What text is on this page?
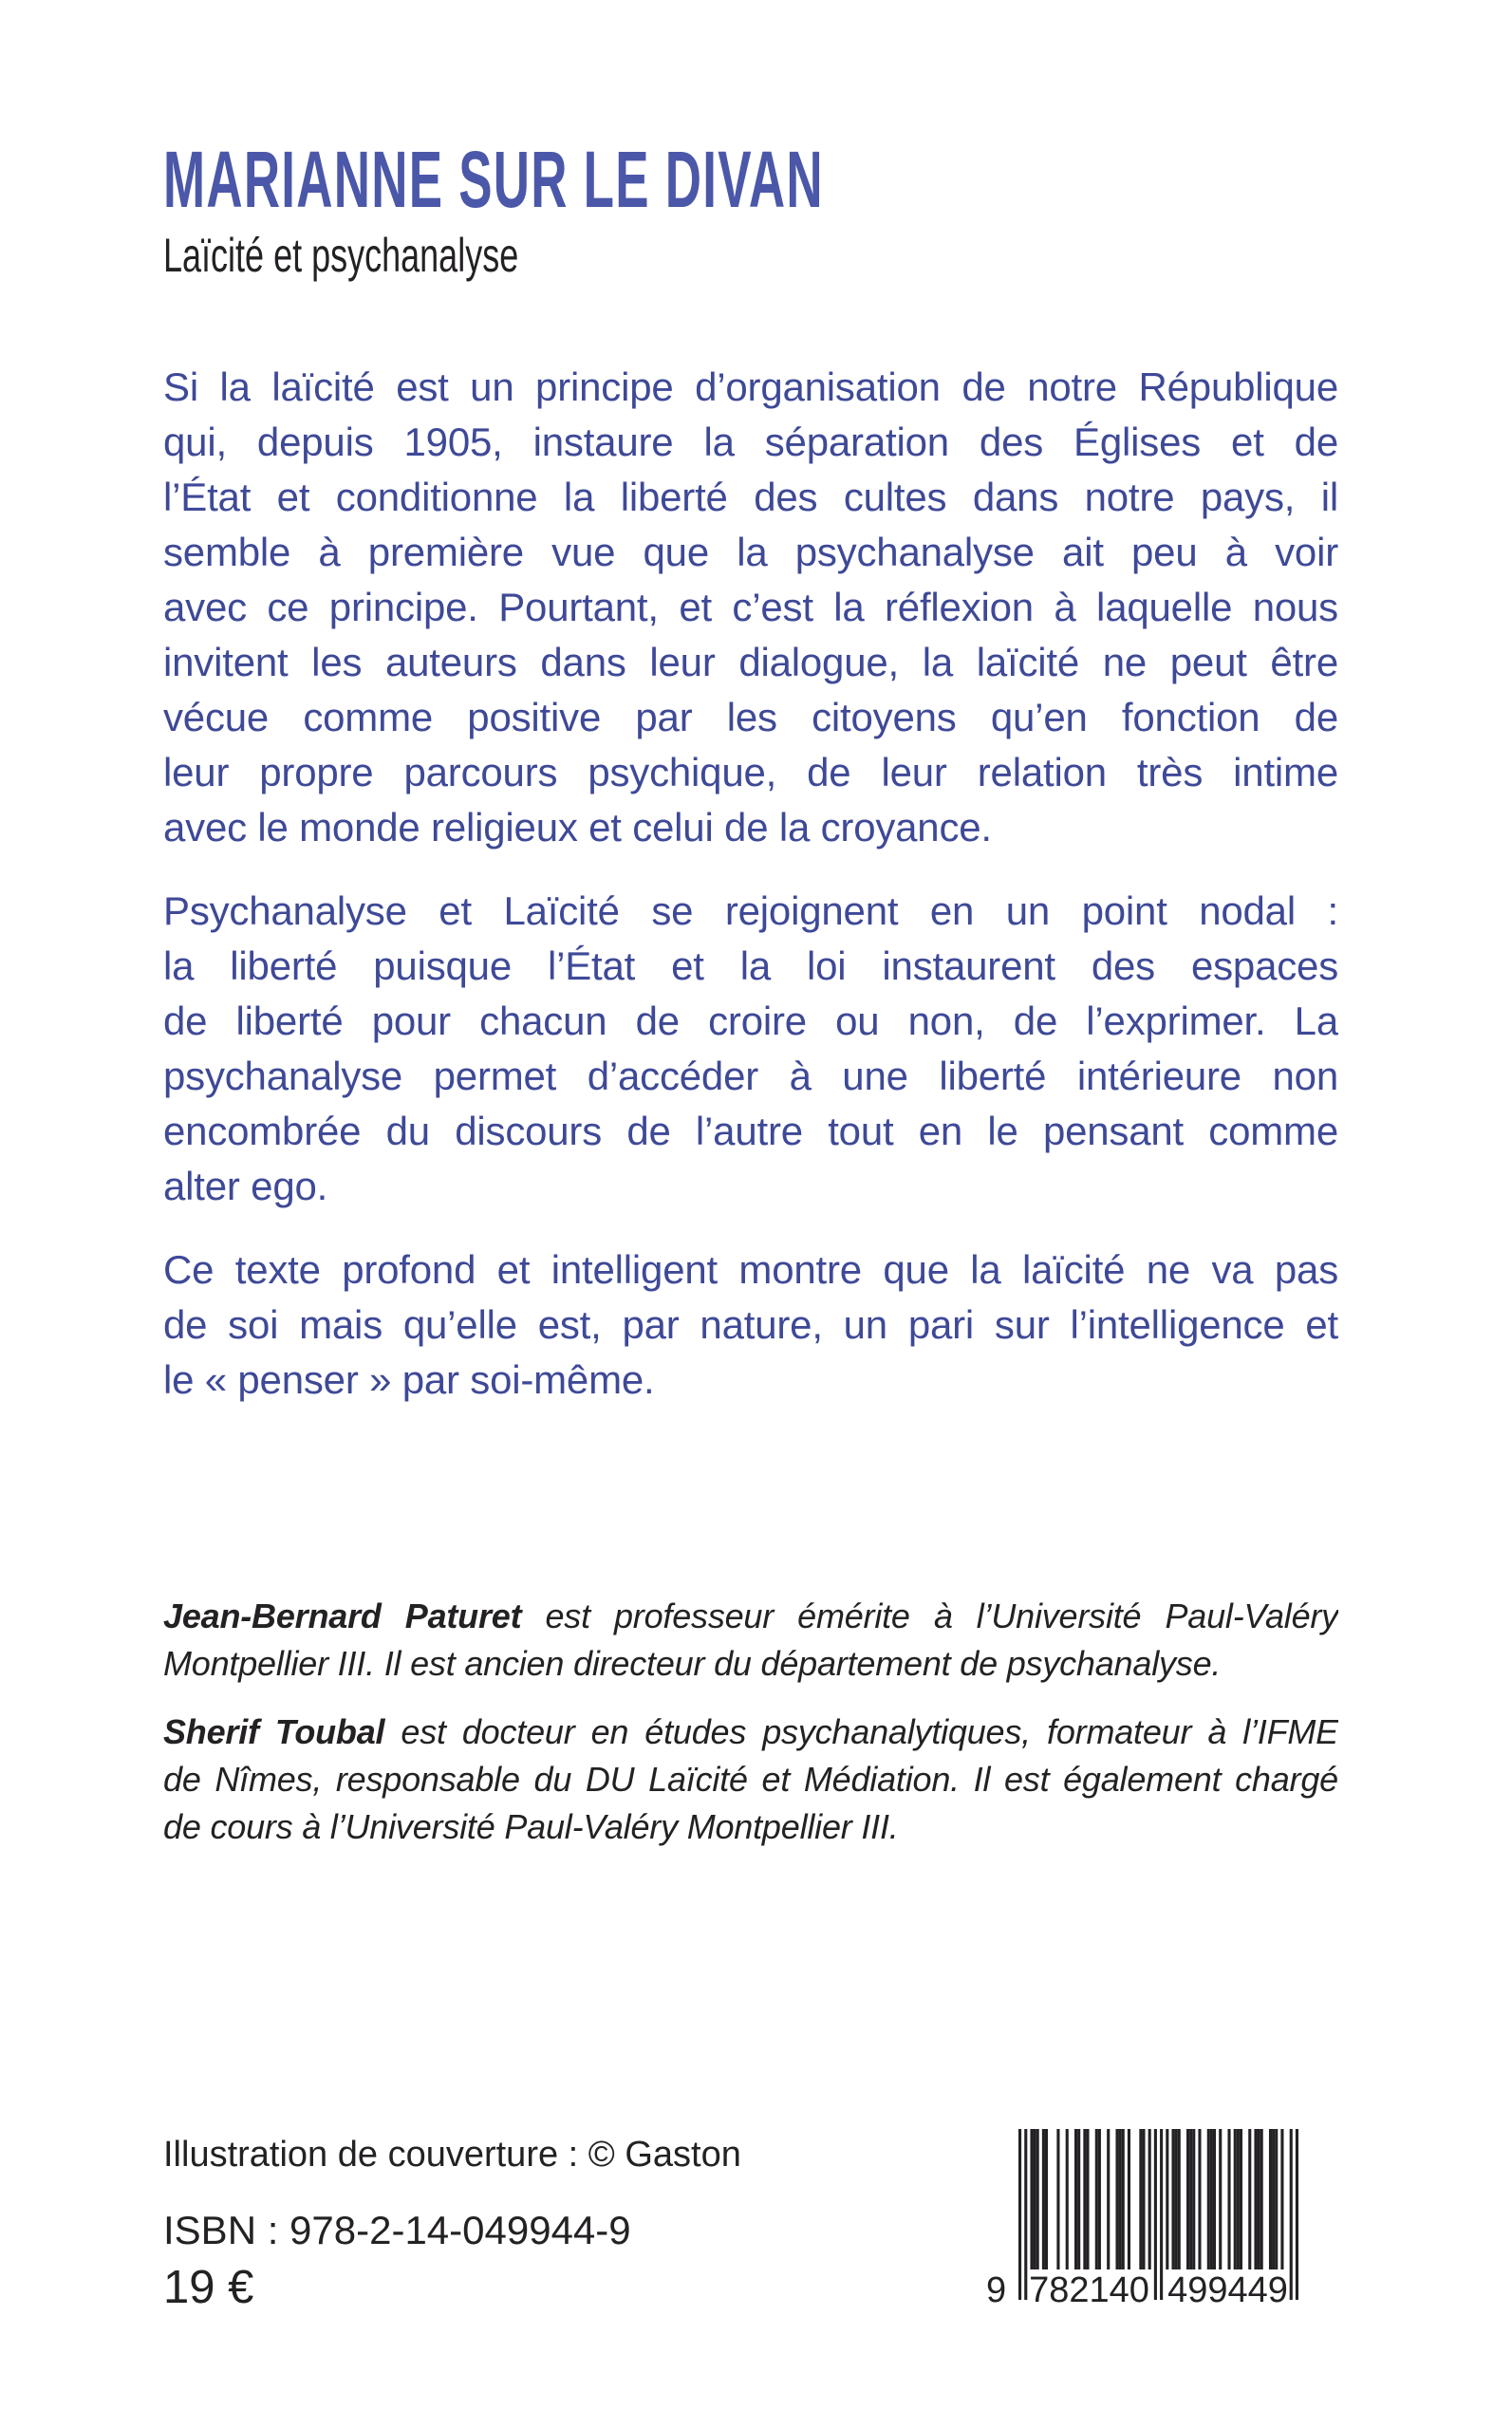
MARIANNE SUR LE DIVAN
Laïcité et psychanalyse
Si la laïcité est un principe d’organisation de notre République
qui, depuis 1905, instaure la séparation des Églises et de
l’État et conditionne la liberté des cultes dans notre pays, il
semble à première vue que la psychanalyse ait peu à voir
avec ce principe. Pourtant, et c’est la réflexion à laquelle nous
invitent les auteurs dans leur dialogue, la laïcité ne peut être
vécue comme positive par les citoyens qu’en fonction de
leur propre parcours psychique, de leur relation très intime
avec le monde religieux et celui de la croyance.
Psychanalyse et Laïcité se rejoignent en un point nodal :
la liberté puisque l’État et la loi instaurent des espaces
de liberté pour chacun de croire ou non, de l’exprimer. La
psychanalyse permet d’accéder à une liberté intérieure non
encombrée du discours de l’autre tout en le pensant comme
alter ego.
Ce texte profond et intelligent montre que la laïcité ne va pas
de soi mais qu’elle est, par nature, un pari sur l’intelligence et
le « penser » par soi-même.
Jean-Bernard Paturet est professeur émérite à l’Université Paul-Valéry
Montpellier III. Il est ancien directeur du département de psychanalyse.
Sherif Toubal est docteur en études psychanalytiques, formateur à l’IFME
de Nîmes, responsable du DU Laïcité et Médiation. Il est également chargé
de cours à l’Université Paul-Valéry Montpellier III.
Illustration de couverture : © Gaston
ISBN : 978-2-14-049944-9
19 €	9 782140 499449
